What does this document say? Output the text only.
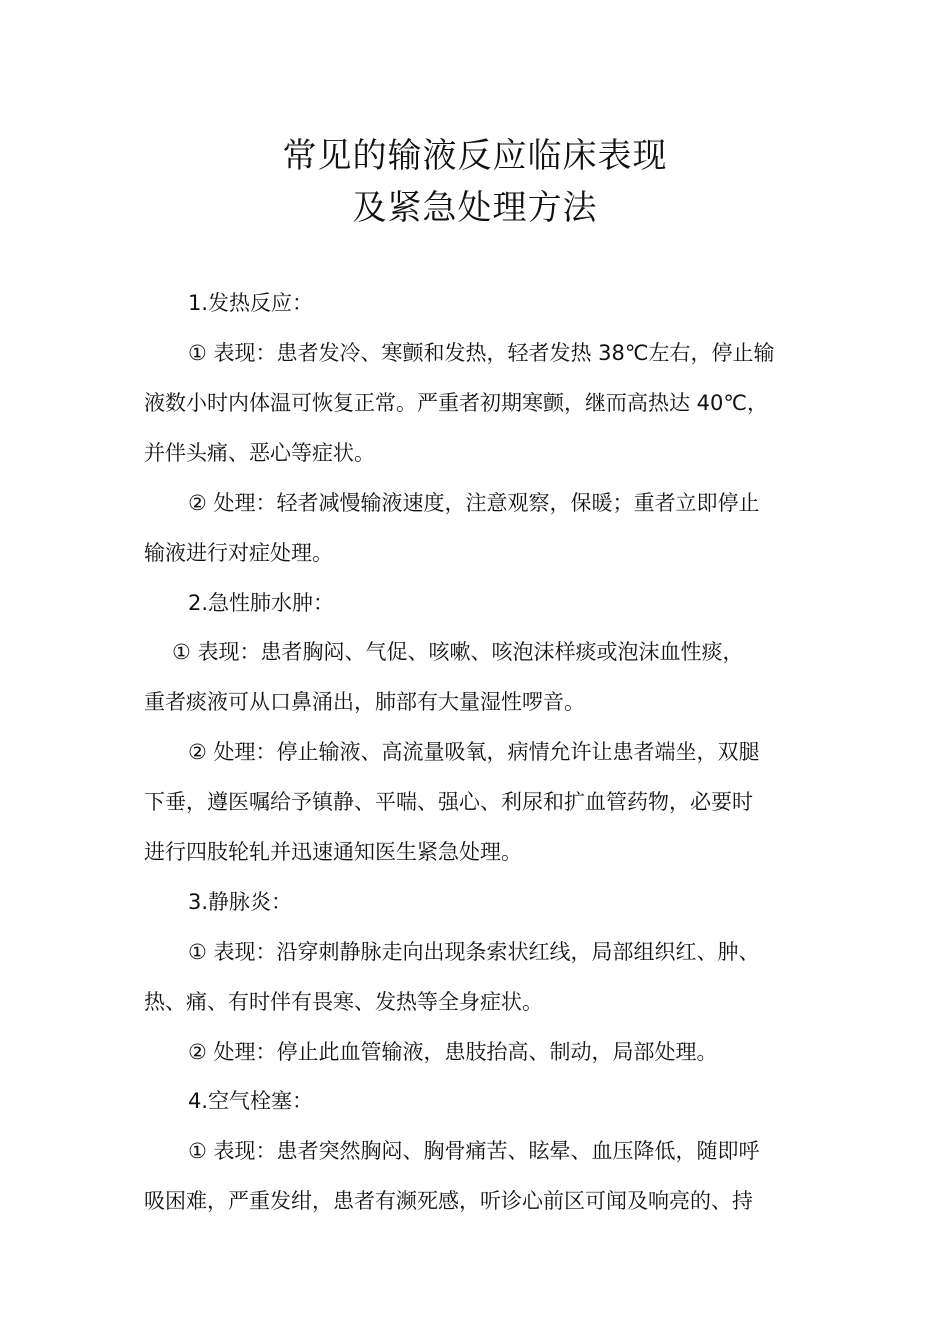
常见的输液反应临床表现
及紧急处理方法

1.发热反应：

① 表现：患者发冷、寒颤和发热，轻者发热 38℃左右，停止输

液数小时内体温可恢复正常。严重者初期寒颤，继而高热达 40℃，

并伴头痛、恶心等症状。

② 处理：轻者减慢输液速度，注意观察，保暖；重者立即停止

输液进行对症处理。

2.急性肺水肿：

① 表现：患者胸闷、气促、咳嗽、咳泡沫样痰或泡沫血性痰，

重者痰液可从口鼻涌出，肺部有大量湿性啰音。

② 处理：停止输液、高流量吸氧，病情允许让患者端坐，双腿

下垂，遵医嘱给予镇静、平喘、强心、利尿和扩血管药物，必要时

进行四肢轮轧并迅速通知医生紧急处理。

3.静脉炎：

① 表现：沿穿刺静脉走向出现条索状红线，局部组织红、肿、

热、痛、有时伴有畏寒、发热等全身症状。

② 处理：停止此血管输液，患肢抬高、制动，局部处理。

4.空气栓塞：

① 表现：患者突然胸闷、胸骨痛苦、眩晕、血压降低，随即呼

吸困难，严重发绀，患者有濒死感，听诊心前区可闻及响亮的、持
